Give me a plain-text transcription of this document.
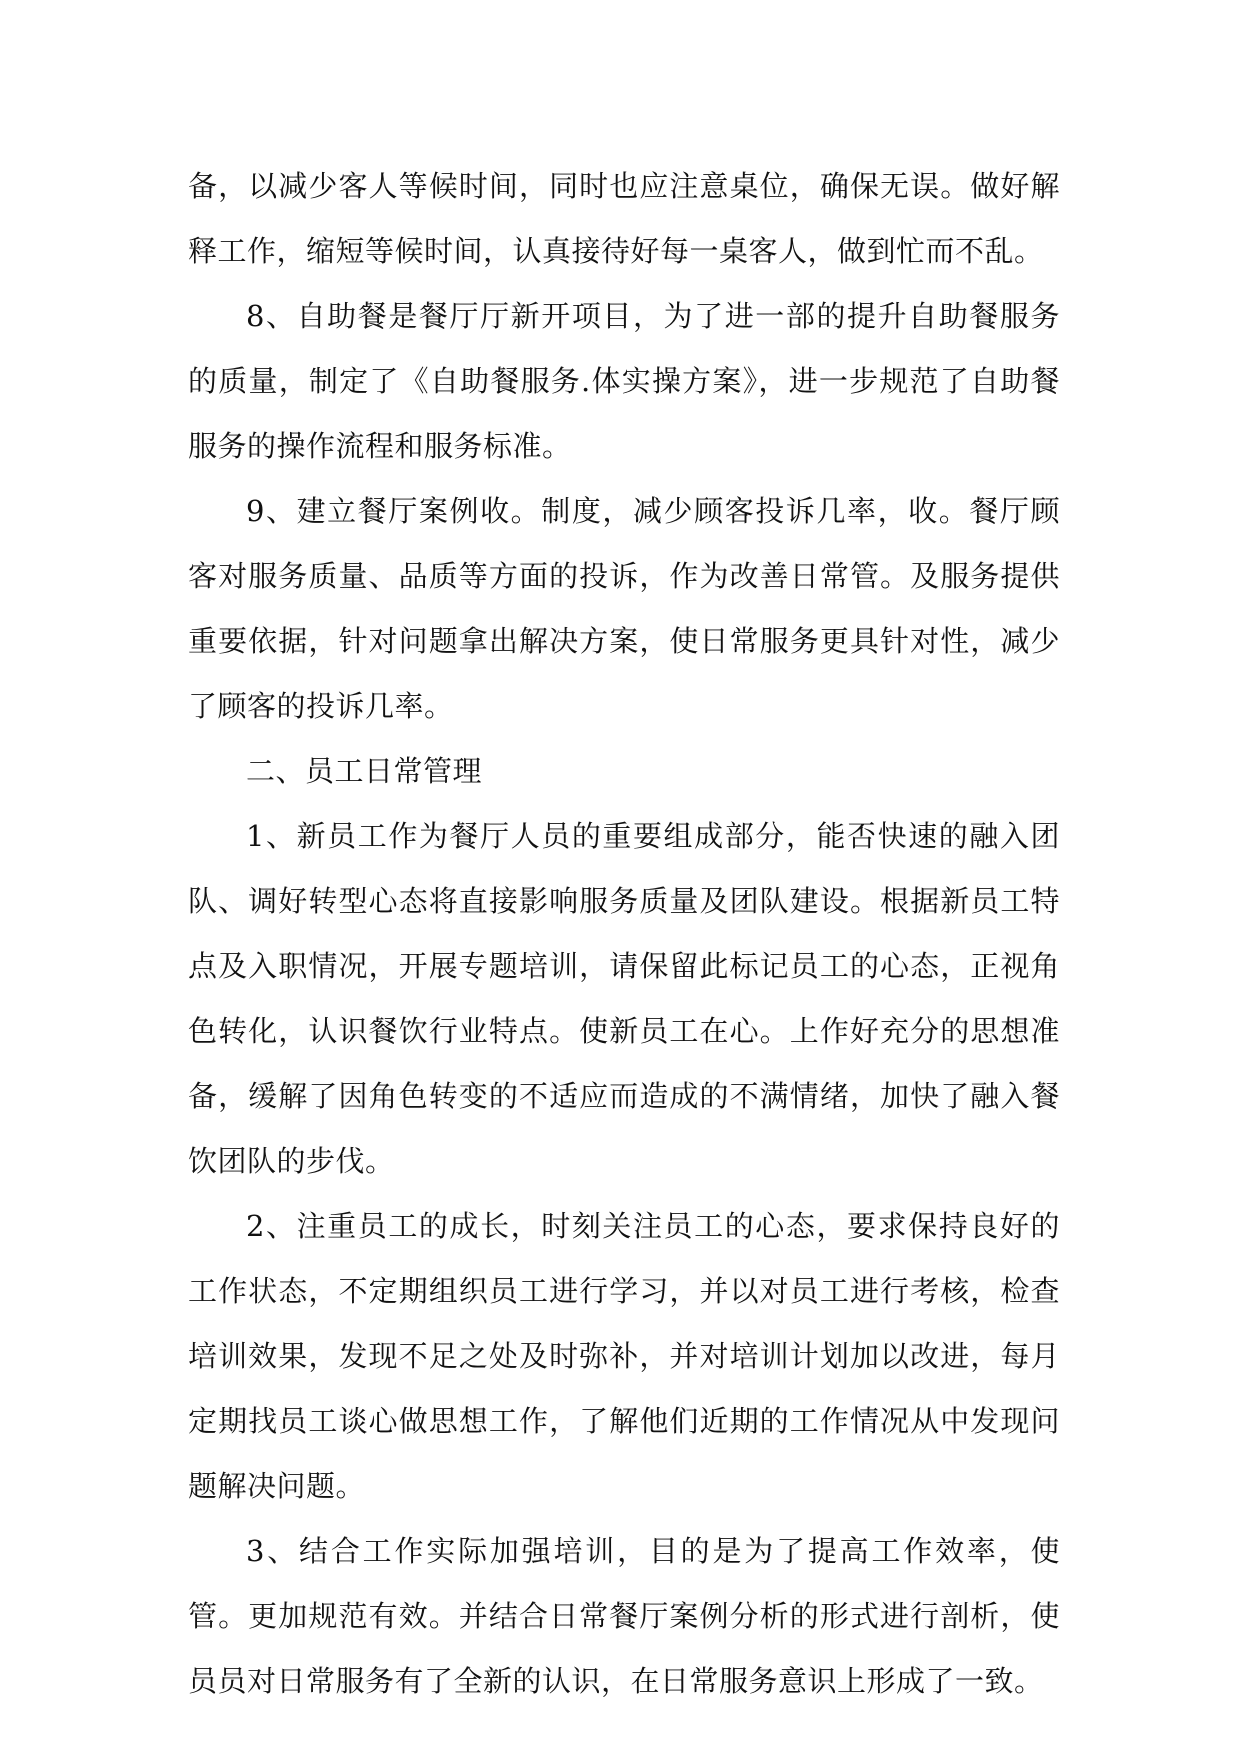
备，以减少客人等候时间，同时也应注意桌位，确保无误。做好解释工作，缩短等候时间，认真接待好每一桌客人，做到忙而不乱。

8、自助餐是餐厅厅新开项目，为了进一部的提升自助餐服务的质量，制定了《自助餐服务.体实操方案》，进一步规范了自助餐服务的操作流程和服务标准。

9、建立餐厅案例收。制度，减少顾客投诉几率，收。餐厅顾客对服务质量、品质等方面的投诉，作为改善日常管。及服务提供重要依据，针对问题拿出解决方案，使日常服务更具针对性，减少了顾客的投诉几率。

二、员工日常管理

1、新员工作为餐厅人员的重要组成部分，能否快速的融入团队、调好转型心态将直接影响服务质量及团队建设。根据新员工特点及入职情况，开展专题培训，请保留此标记员工的心态，正视角色转化，认识餐饮行业特点。使新员工在心。上作好充分的思想准备，缓解了因角色转变的不适应而造成的不满情绪，加快了融入餐饮团队的步伐。

2、注重员工的成长，时刻关注员工的心态，要求保持良好的工作状态，不定期组织员工进行学习，并以对员工进行考核，检查培训效果，发现不足之处及时弥补，并对培训计划加以改进，每月定期找员工谈心做思想工作，了解他们近期的工作情况从中发现问题解决问题。

3、结合工作实际加强培训，目的是为了提高工作效率，使管。更加规范有效。并结合日常餐厅案例分析的形式进行剖析，使员员对日常服务有了全新的认识，在日常服务意识上形成了一致。
